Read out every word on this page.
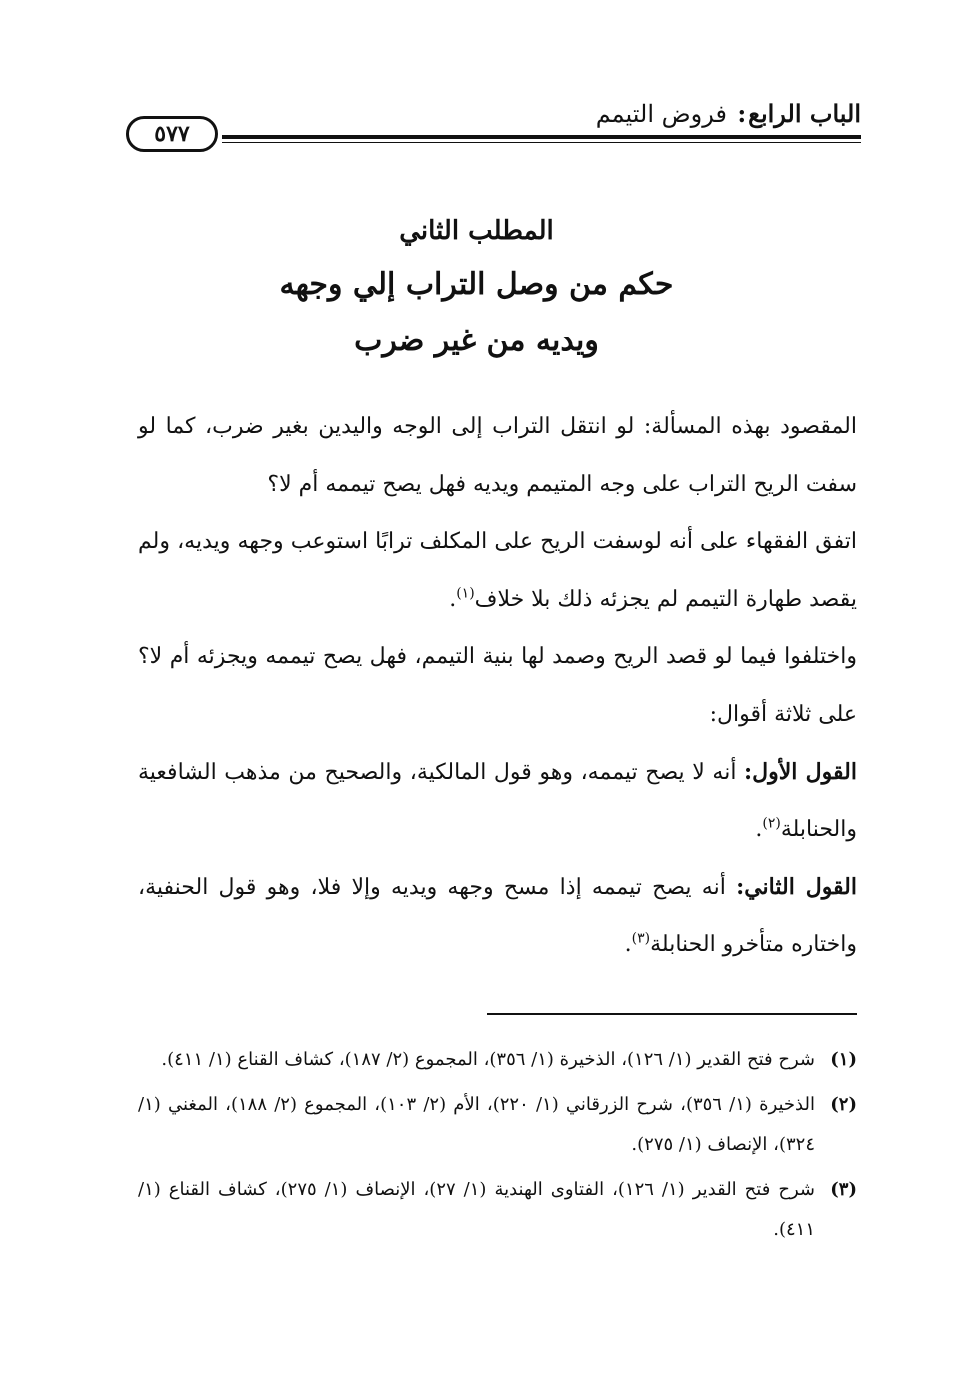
الباب الرابع: فروض التيمم
٥٧٧
المطلب الثاني
حكم من وصل التراب إلي وجهه
ويديه من غير ضرب

المقصود بهذه المسألة: لو انتقل التراب إلى الوجه واليدين بغير ضرب، كما لو سفت الريح التراب على وجه المتيمم ويديه فهل يصح تيممه أم لا؟

اتفق الفقهاء على أنه لوسفت الريح على المكلف ترابًا استوعب وجهه ويديه، ولم يقصد طهارة التيمم لم يجزئه ذلك بلا خلاف$^{(١)}$.

واختلفوا فيما لو قصد الريح وصمد لها بنية التيمم، فهل يصح تيممه ويجزئه أم لا؟ على ثلاثة أقوال:

القول الأول: أنه لا يصح تيممه، وهو قول المالكية، والصحيح من مذهب الشافعية والحنابلة$^{(٢)}$.

القول الثاني: أنه يصح تيممه إذا مسح وجهه ويديه وإلا فلا، وهو قول الحنفية، واختاره متأخرو الحنابلة$^{(٣)}$.

(١)
شرح فتح القدير (١/ ١٢٦)، الذخيرة (١/ ٣٥٦)، المجموع (٢/ ١٨٧)، كشاف القناع (١/ ٤١١).
(٢)
الذخيرة (١/ ٣٥٦)، شرح الزرقاني (١/ ٢٢٠)، الأم (٢/ ١٠٣)، المجموع (٢/ ١٨٨)، المغني (١/ ٣٢٤)، الإنصاف (١/ ٢٧٥).
(٣)
شرح فتح القدير (١/ ١٢٦)، الفتاوى الهندية (١/ ٢٧)، الإنصاف (١/ ٢٧٥)، كشاف القناع (١/ ٤١١).
